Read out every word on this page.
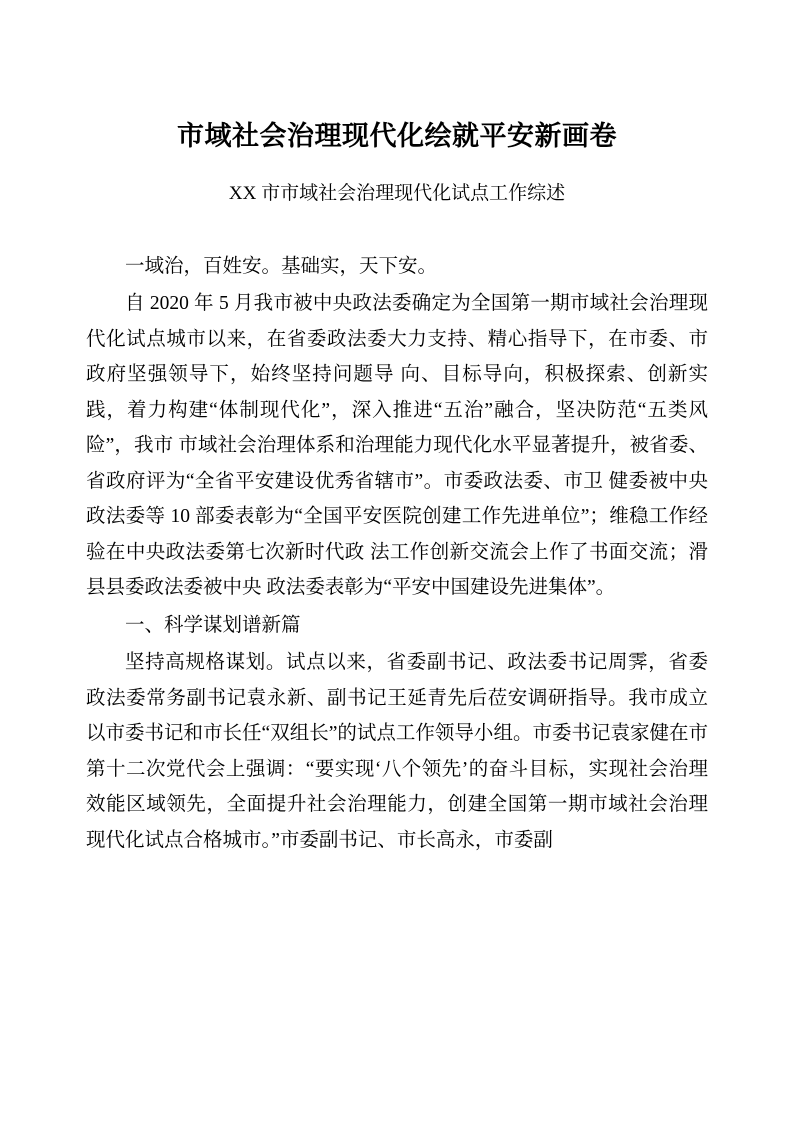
市域社会治理现代化绘就平安新画卷
XX 市市域社会治理现代化试点工作综述

一域治，百姓安。基础实，天下安。

自 2020 年 5 月我市被中央政法委确定为全国第一期市域社会治理现代化试点城市以来，在省委政法委大力支持、精心指导下，在市委、市政府坚强领导下，始终坚持问题导 向、目标导向，积极探索、创新实践，着力构建“体制现代化”，深入推进“五治”融合，坚决防范“五类风险”，我市 市域社会治理体系和治理能力现代化水平显著提升，被省委、省政府评为“全省平安建设优秀省辖市”。市委政法委、市卫 健委被中央政法委等 10 部委表彰为“全国平安医院创建工作先进单位”；维稳工作经验在中央政法委第七次新时代政 法工作创新交流会上作了书面交流；滑县县委政法委被中央 政法委表彰为“平安中国建设先进集体”。

一、科学谋划谱新篇

坚持高规格谋划。试点以来，省委副书记、政法委书记周霁，省委政法委常务副书记袁永新、副书记王延青先后莅安调研指导。我市成立以市委书记和市长任“双组长”的试点工作领导小组。市委书记袁家健在市第十二次党代会上强调：“要实现‘八个领先’的奋斗目标，实现社会治理效能区域领先，全面提升社会治理能力，创建全国第一期市域社会治理现代化试点合格城市。”市委副书记、市长高永，市委副
